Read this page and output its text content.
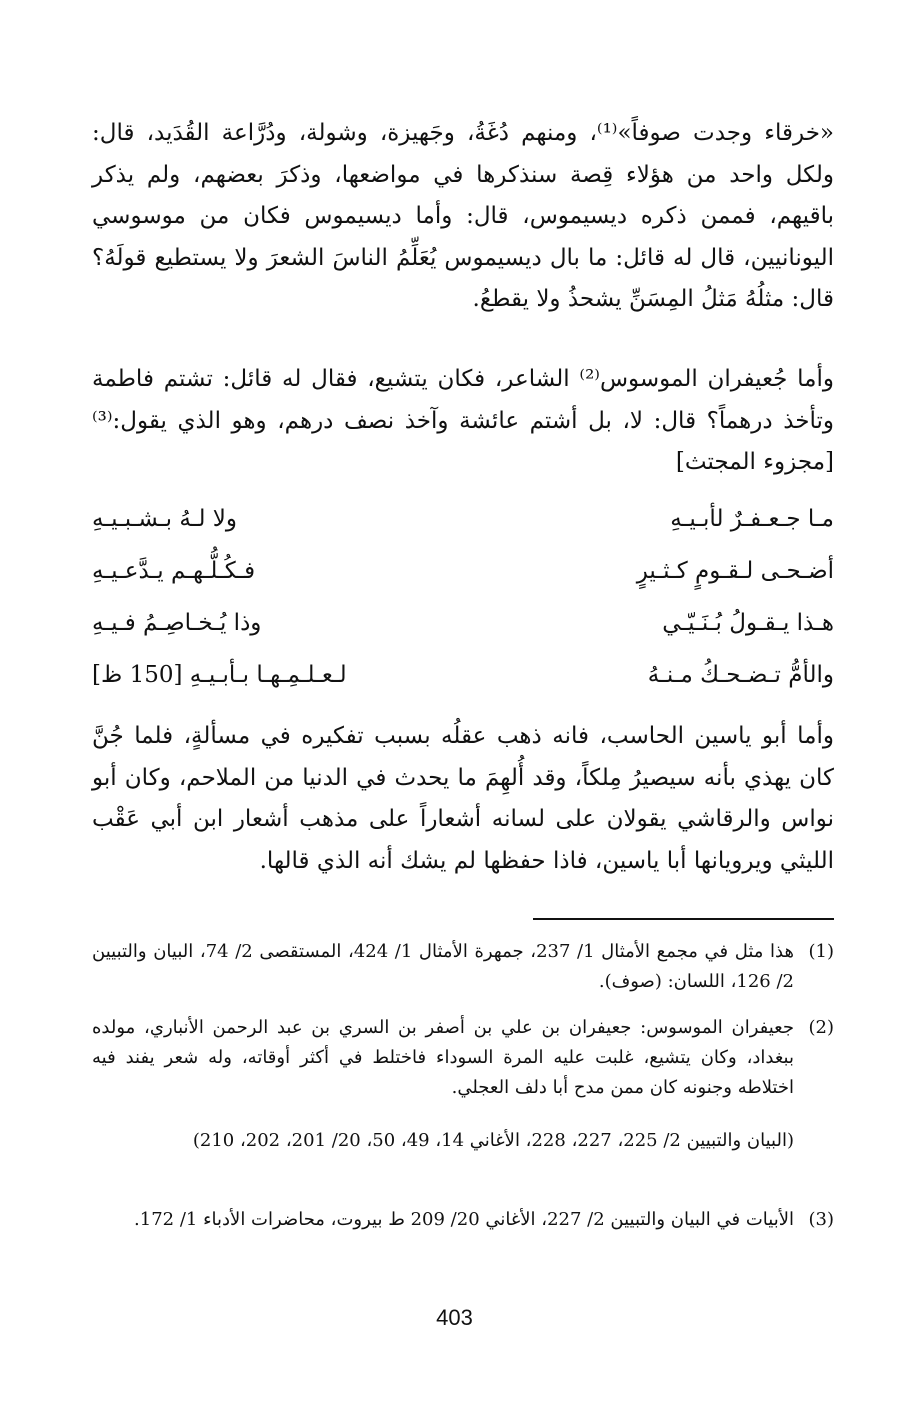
«خرقاء وجدت صوفاً»⁽¹⁾، ومنهم دُغَةُ، وجَهيزة، وشولة، ودُرَّاعة القُدَيد، قال: ولكل واحد من هؤلاء قِصة سنذكرها في مواضعها، وذكرَ بعضهم، ولم يذكر باقيهم، فممن ذكره ديسيموس، قال: وأما ديسيموس فكان من موسوسي اليونانيين، قال له قائل: ما بال ديسيموس يُعَلِّمُ الناسَ الشعرَ ولا يستطيع قولَهُ؟ قال: مثلُهُ مَثلُ المِسَنِّ يشحذُ ولا يقطعُ.

وأما جُعيفران الموسوس⁽²⁾ الشاعر، فكان يتشيع، فقال له قائل: تشتم فاطمة وتأخذ درهماً؟ قال: لا، بل أشتم عائشة وآخذ نصف درهم، وهو الذي يقول:⁽³⁾ [مجزوء المجتث]

مـا جـعـفـرٌ لأبـيـهِ
ولا لـهُ بـشـبـيـهِ
أضـحـى لـقـومٍ كـثـيرٍ
فـكُـلُّـهـم يـدَّعـيـهِ
هـذا يـقـولُ بُـنَـيّـي
وذا يُـخـاصِـمُ فـيـهِ
والأمُّ تـضـحـكُ مـنـهُ
لـعـلـمِـهـا بـأبـيـهِ [150 ظ]

وأما أبو ياسين الحاسب، فانه ذهب عقلُه بسبب تفكيره في مسألةٍ، فلما جُنَّ كان يهذي بأنه سيصيرُ مِلكاً، وقد أُلهِمَ ما يحدث في الدنيا من الملاحم، وكان أبو نواس والرقاشي يقولان على لسانه أشعاراً على مذهب أشعار ابن أبي عَقْب الليثي ويرويانها أبا ياسين، فاذا حفظها لم يشك أنه الذي قالها.

(1)
هذا مثل في مجمع الأمثال 1/ 237، جمهرة الأمثال 1/ 424، المستقصى 2/ 74، البيان والتبيين 2/ 126، اللسان: (صوف).
(2)
جعيفران الموسوس: جعيفران بن علي بن أصفر بن السري بن عبد الرحمن الأنباري، مولده ببغداد، وكان يتشيع، غلبت عليه المرة السوداء فاختلط في أكثر أوقاته، وله شعر يفند فيه اختلاطه وجنونه كان ممن مدح أبا دلف العجلي.

(البيان والتبيين 2/ 225، 227، 228، الأغاني 14، 49، 50، 20/ 201، 202، 210)

(3)
الأبيات في البيان والتبيين 2/ 227، الأغاني 20/ 209 ط بيروت، محاضرات الأدباء 1/ 172.
403
